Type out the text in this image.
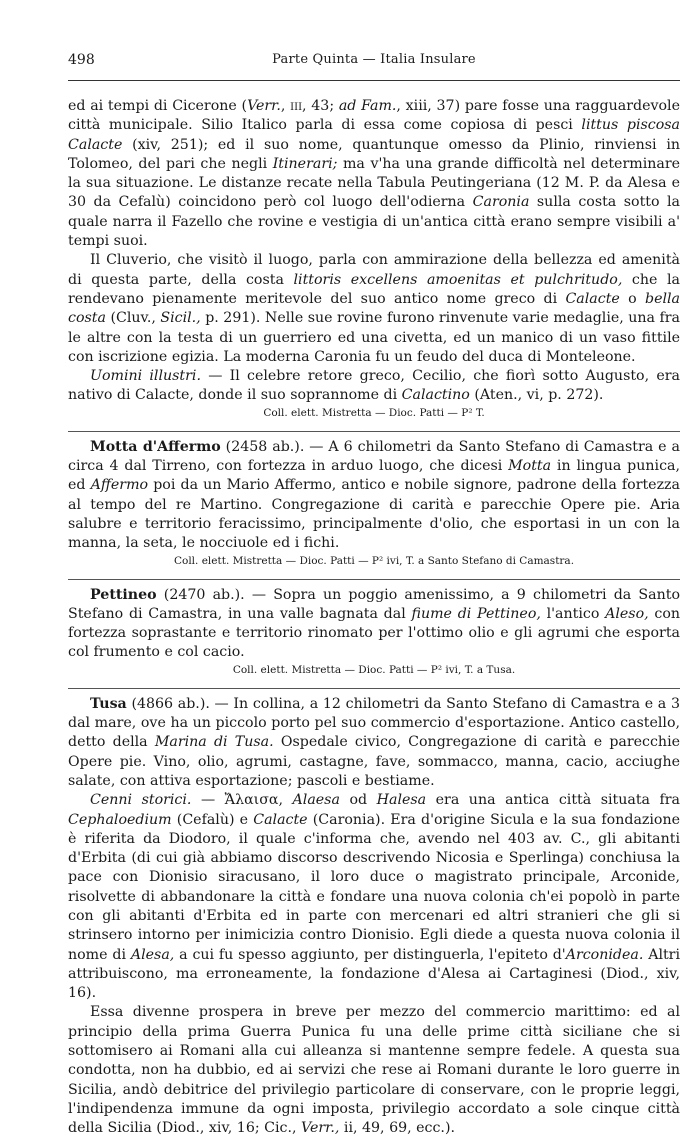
498	Parte Quinta — Italia Insulare

ed ai tempi di Cicerone (Verr., iii, 43; ad Fam., xiii, 37) pare fosse una ragguardevole città municipale. Silio Italico parla di essa come copiosa di pesci littus piscosa Calacte (xiv, 251); ed il suo nome, quantunque omesso da Plinio, rinviensi in Tolomeo, del pari che negli Itinerari; ma v'ha una grande difficoltà nel determinare la sua situazione. Le distanze recate nella Tabula Peutingeriana (12 M. P. da Alesa e 30 da Cefalù) coincidono però col luogo dell'odierna Caronia sulla costa sotto la quale narra il Fazello che rovine e vestigia di un'antica città erano sempre visibili a' tempi suoi.

Il Cluverio, che visitò il luogo, parla con ammirazione della bellezza ed amenità di questa parte, della costa littoris excellens amoenitas et pulchritudo, che la rendevano pienamente meritevole del suo antico nome greco di Calacte o bella costa (Cluv., Sicil., p. 291). Nelle sue rovine furono rinvenute varie medaglie, una fra le altre con la testa di un guerriero ed una civetta, ed un manico di un vaso fittile con iscrizione egizia. La moderna Caronia fu un feudo del duca di Monteleone.

Uomini illustri. — Il celebre retore greco, Cecilio, che fiorì sotto Augusto, era nativo di Calacte, donde il suo soprannome di Calactino (Aten., vi, p. 272).

Coll. elett. Mistretta — Dioc. Patti — P² T.

Motta d'Affermo (2458 ab.). — A 6 chilometri da Santo Stefano di Camastra e a circa 4 dal Tirreno, con fortezza in arduo luogo, che dicesi Motta in lingua punica, ed Affermo poi da un Mario Affermo, antico e nobile signore, padrone della fortezza al tempo del re Martino. Congregazione di carità e parecchie Opere pie. Aria salubre e territorio feracissimo, principalmente d'olio, che esportasi in un con la manna, la seta, le nocciuole ed i fichi.

Coll. elett. Mistretta — Dioc. Patti — P² ivi, T. a Santo Stefano di Camastra.

Pettineo (2470 ab.). — Sopra un poggio amenissimo, a 9 chilometri da Santo Stefano di Camastra, in una valle bagnata dal fiume di Pettineo, l'antico Aleso, con fortezza soprastante e territorio rinomato per l'ottimo olio e gli agrumi che esporta col frumento e col cacio.

Coll. elett. Mistretta — Dioc. Patti — P² ivi, T. a Tusa.

Tusa (4866 ab.). — In collina, a 12 chilometri da Santo Stefano di Camastra e a 3 dal mare, ove ha un piccolo porto pel suo commercio d'esportazione. Antico castello, detto della Marina di Tusa. Ospedale civico, Congregazione di carità e parecchie Opere pie. Vino, olio, agrumi, castagne, fave, sommacco, manna, cacio, acciughe salate, con attiva esportazione; pascoli e bestiame.

Cenni storici. — Ἄλαισα, Alaesa od Halesa era una antica città situata fra Cephaloedium (Cefalù) e Calacte (Caronia). Era d'origine Sicula e la sua fondazione è riferita da Diodoro, il quale c'informa che, avendo nel 403 av. C., gli abitanti d'Erbita (di cui già abbiamo discorso descrivendo Nicosia e Sperlinga) conchiusa la pace con Dionisio siracusano, il loro duce o magistrato principale, Arconide, risolvette di abbandonare la città e fondare una nuova colonia ch'ei popolò in parte con gli abitanti d'Erbita ed in parte con mercenari ed altri stranieri che gli si strinsero intorno per inimicizia contro Dionisio. Egli diede a questa nuova colonia il nome di Alesa, a cui fu spesso aggiunto, per distinguerla, l'epiteto d'Arconidea. Altri attribuiscono, ma erroneamente, la fondazione d'Alesa ai Cartaginesi (Diod., xiv, 16).

Essa divenne prospera in breve per mezzo del commercio marittimo: ed al principio della prima Guerra Punica fu una delle prime città siciliane che si sottomisero ai Romani alla cui alleanza si mantenne sempre fedele. A questa sua condotta, non ha dubbio, ed ai servizi che rese ai Romani durante le loro guerre in Sicilia, andò debitrice del privilegio particolare di conservare, con le proprie leggi, l'indipendenza immune da ogni imposta, privilegio accordato a sole cinque città della Sicilia (Diod., xiv, 16; Cic., Verr., ii, 49, 69, ecc.).
